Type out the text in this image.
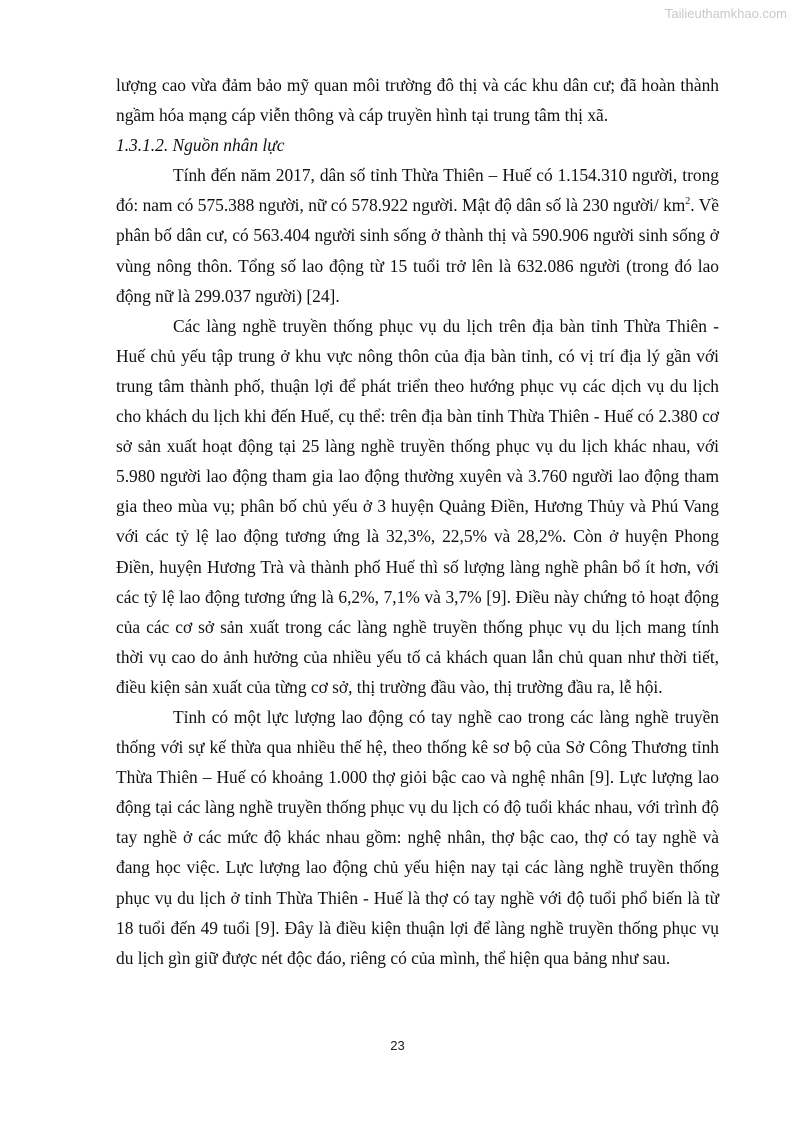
Tailieuthamkhao.com

lượng cao vừa đảm bảo mỹ quan môi trường đô thị và các khu dân cư; đã hoàn thành ngầm hóa mạng cáp viễn thông và cáp truyền hình tại trung tâm thị xã.

1.3.1.2. Nguồn nhân lực

Tính đến năm 2017, dân số tỉnh Thừa Thiên – Huế có 1.154.310 người, trong đó: nam có 575.388 người, nữ có 578.922 người. Mật độ dân số là 230 người/ $km^2$. Về phân bố dân cư, có 563.404 người sinh sống ở thành thị và 590.906 người sinh sống ở vùng nông thôn. Tổng số lao động từ 15 tuổi trở lên là 632.086 người (trong đó lao động nữ là 299.037 người) [24].

Các làng nghề truyền thống phục vụ du lịch trên địa bàn tỉnh Thừa Thiên - Huế chủ yếu tập trung ở khu vực nông thôn của địa bàn tỉnh, có vị trí địa lý gần với trung tâm thành phố, thuận lợi để phát triển theo hướng phục vụ các dịch vụ du lịch cho khách du lịch khi đến Huế, cụ thể: trên địa bàn tỉnh Thừa Thiên - Huế có 2.380 cơ sở sản xuất hoạt động tại 25 làng nghề truyền thống phục vụ du lịch khác nhau, với 5.980 người lao động tham gia lao động thường xuyên và 3.760 người lao động tham gia theo mùa vụ; phân bố chủ yếu ở 3 huyện Quảng Điền, Hương Thủy và Phú Vang với các tỷ lệ lao động tương ứng là 32,3%, 22,5% và 28,2%. Còn ở huyện Phong Điền, huyện Hương Trà và thành phố Huế thì số lượng làng nghề phân bổ ít hơn, với các tỷ lệ lao động tương ứng là 6,2%, 7,1% và 3,7% [9]. Điều này chứng tỏ hoạt động của các cơ sở sản xuất trong các làng nghề truyền thống phục vụ du lịch mang tính thời vụ cao do ảnh hưởng của nhiều yếu tố cả khách quan lẫn chủ quan như thời tiết, điều kiện sản xuất của từng cơ sở, thị trường đầu vào, thị trường đầu ra, lễ hội.

Tỉnh có một lực lượng lao động có tay nghề cao trong các làng nghề truyền thống với sự kế thừa qua nhiều thế hệ, theo thống kê sơ bộ của Sở Công Thương tỉnh Thừa Thiên – Huế có khoảng 1.000 thợ giỏi bậc cao và nghệ nhân [9]. Lực lượng lao động tại các làng nghề truyền thống phục vụ du lịch có độ tuổi khác nhau, với trình độ tay nghề ở các mức độ khác nhau gồm: nghệ nhân, thợ bậc cao, thợ có tay nghề và đang học việc. Lực lượng lao động chủ yếu hiện nay tại các làng nghề truyền thống phục vụ du lịch ở tỉnh Thừa Thiên - Huế là thợ có tay nghề với độ tuổi phổ biến là từ 18 tuổi đến 49 tuổi [9]. Đây là điều kiện thuận lợi để làng nghề truyền thống phục vụ du lịch gìn giữ được nét độc đáo, riêng có của mình, thể hiện qua bảng như sau.

23
